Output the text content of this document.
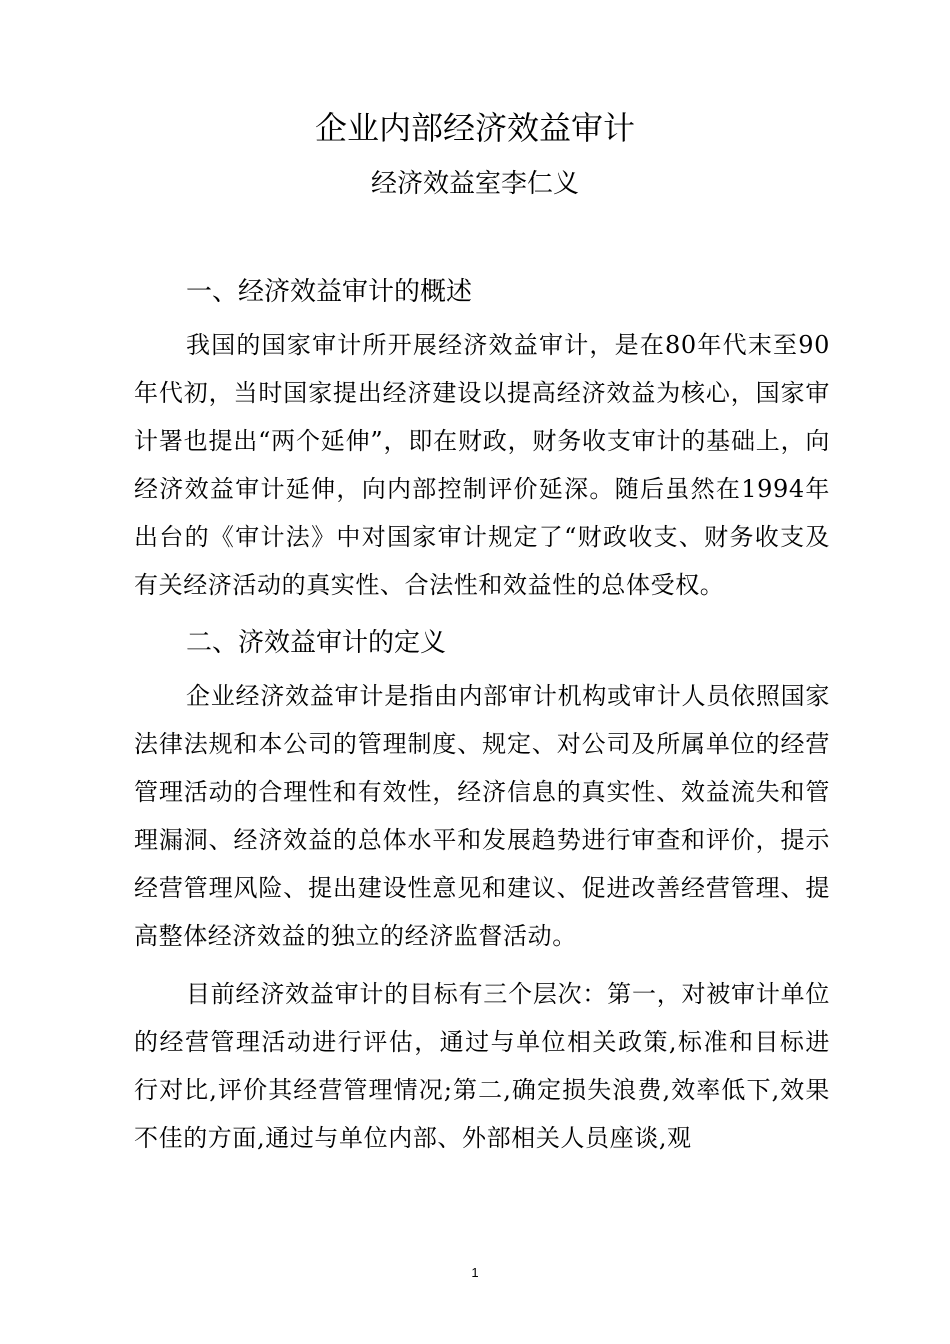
企业内部经济效益审计
经济效益室李仁义
一、经济效益审计的概述

我国的国家审计所开展经济效益审计，是在80年代末至90年代初，当时国家提出经济建设以提高经济效益为核心，国家审计署也提出“两个延伸”，即在财政，财务收支审计的基础上，向经济效益审计延伸，向内部控制评价延深。随后虽然在1994年出台的《审计法》中对国家审计规定了“财政收支、财务收支及有关经济活动的真实性、合法性和效益性的总体受权。

二、济效益审计的定义

企业经济效益审计是指由内部审计机构或审计人员依照国家法律法规和本公司的管理制度、规定、对公司及所属单位的经营管理活动的合理性和有效性，经济信息的真实性、效益流失和管理漏洞、经济效益的总体水平和发展趋势进行审查和评价，提示经营管理风险、提出建设性意见和建议、促进改善经营管理、提高整体经济效益的独立的经济监督活动。

目前经济效益审计的目标有三个层次：第一，对被审计单位的经营管理活动进行评估，通过与单位相关政策,标准和目标进行对比,评价其经营管理情况;第二,确定损失浪费,效率低下,效果不佳的方面,通过与单位内部、外部相关人员座谈,观

1
